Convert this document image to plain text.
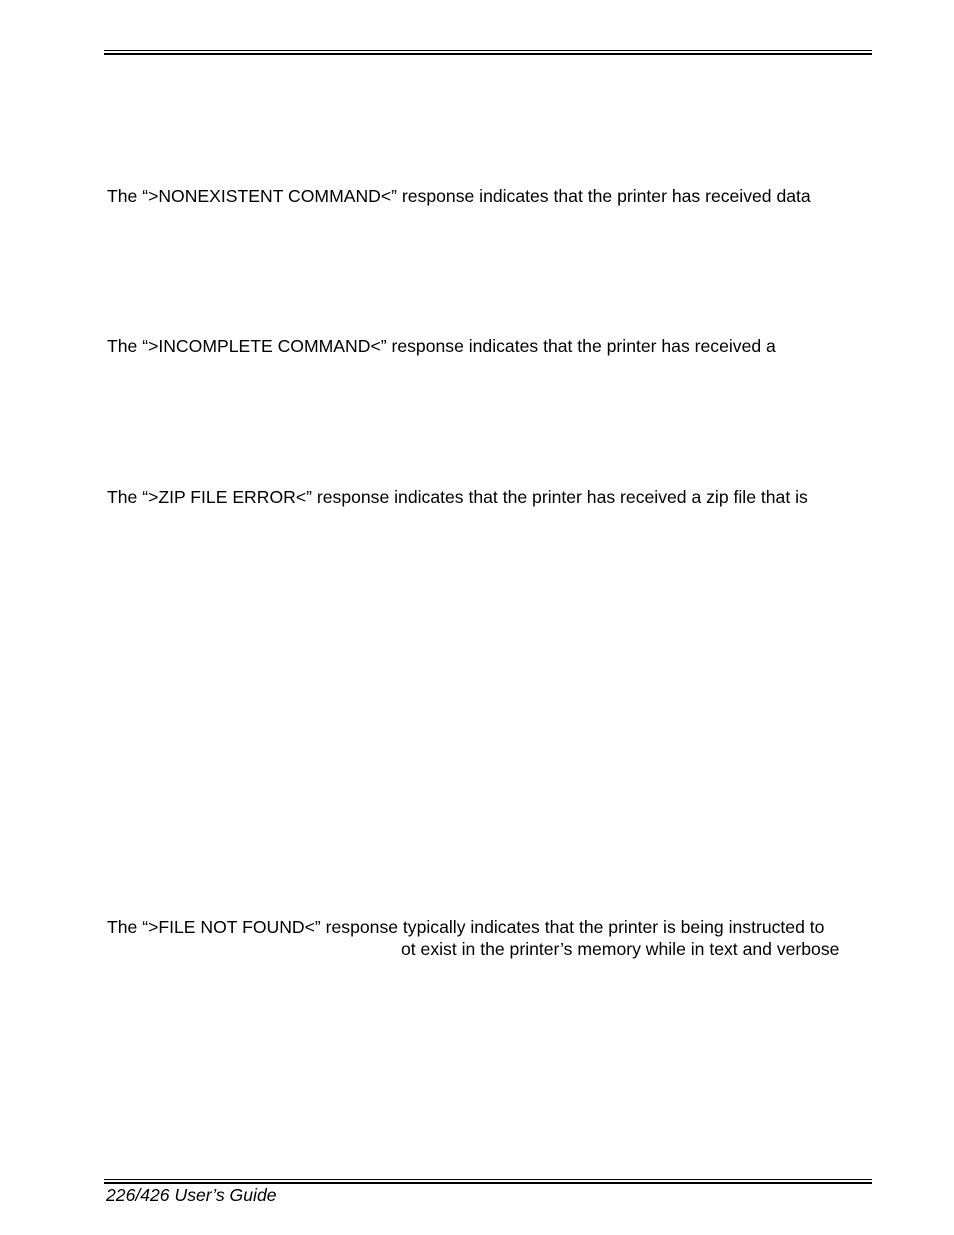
The “>NONEXISTENT COMMAND<” response indicates that the printer has received data
The “>INCOMPLETE COMMAND<” response indicates that the printer has received a
The “>ZIP FILE ERROR<” response indicates that the printer has received a zip file that is
The “>FILE NOT FOUND<” response typically indicates that the printer is being instructed to
ot exist in the printer’s memory while in text and verbose
226/426 User’s Guide
